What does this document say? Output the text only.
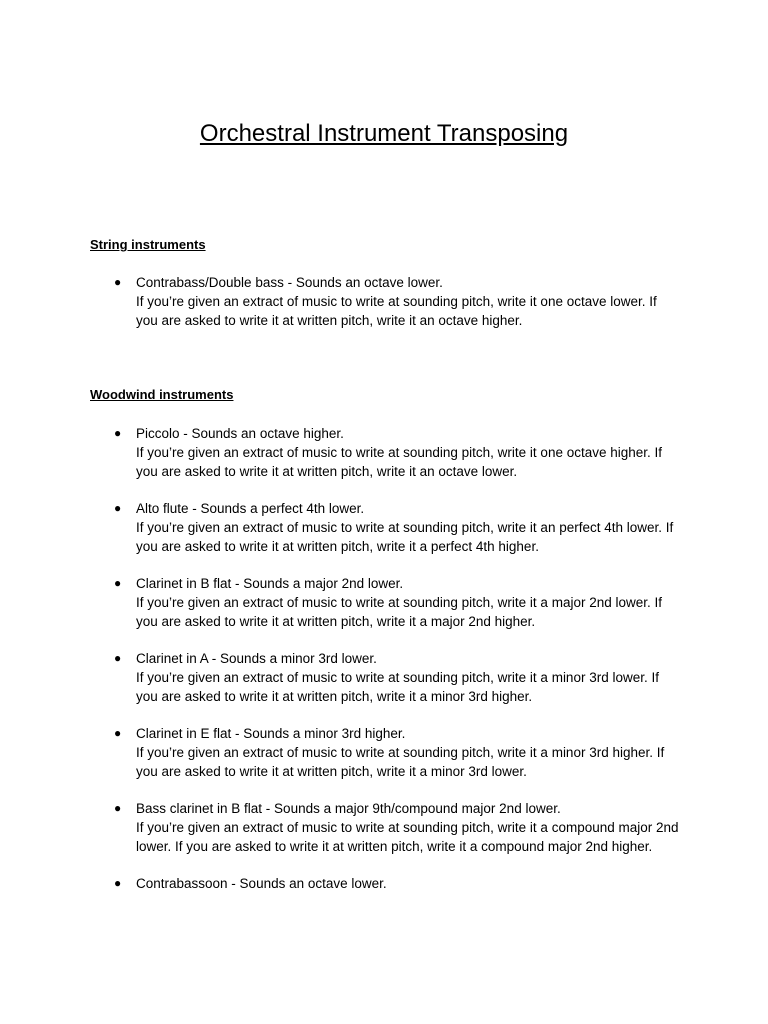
Orchestral Instrument Transposing
String instruments
● Contrabass/Double bass - Sounds an octave lower.
If you’re given an extract of music to write at sounding pitch, write it one octave lower. If you are asked to write it at written pitch, write it an octave higher.
Woodwind instruments
● Piccolo - Sounds an octave higher.
If you’re given an extract of music to write at sounding pitch, write it one octave higher. If you are asked to write it at written pitch, write it an octave lower.
● Alto flute - Sounds a perfect 4th lower.
If you’re given an extract of music to write at sounding pitch, write it an perfect 4th lower. If you are asked to write it at written pitch, write it a perfect 4th higher.
● Clarinet in B flat - Sounds a major 2nd lower.
If you’re given an extract of music to write at sounding pitch, write it a major 2nd lower. If you are asked to write it at written pitch, write it a major 2nd higher.
● Clarinet in A - Sounds a minor 3rd lower.
If you’re given an extract of music to write at sounding pitch, write it a minor 3rd lower. If you are asked to write it at written pitch, write it a minor 3rd higher.
● Clarinet in E flat - Sounds a minor 3rd higher.
If you’re given an extract of music to write at sounding pitch, write it a minor 3rd higher. If you are asked to write it at written pitch, write it a minor 3rd lower.
● Bass clarinet in B flat - Sounds a major 9th/compound major 2nd lower.
If you’re given an extract of music to write at sounding pitch, write it a compound major 2nd lower. If you are asked to write it at written pitch, write it a compound major 2nd higher.
● Contrabassoon - Sounds an octave lower.
